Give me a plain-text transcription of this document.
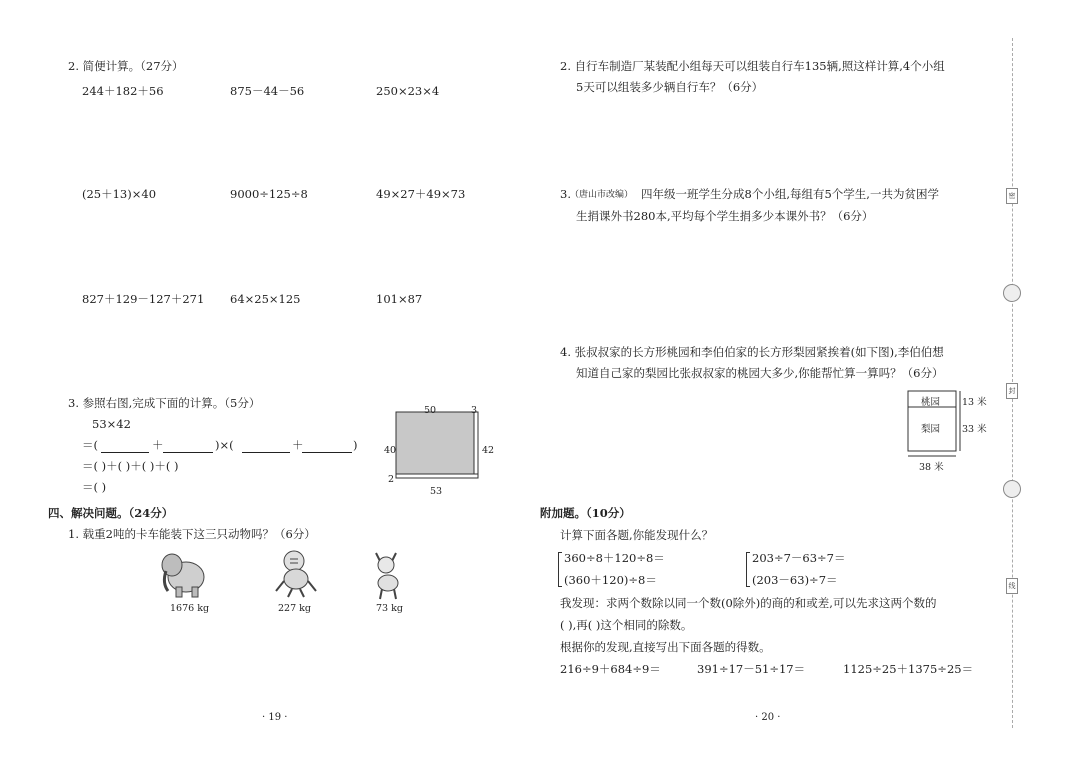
2. 简便计算。（27分）
244＋182＋56	875－44－56	250×23×4
(25＋13)×40	9000÷125÷8	49×27＋49×73
827＋129－127＋271 64×25×125	101×87
3. 参照右图,完成下面的计算。（5分）
53×42
＝(	＋	)×(	＋	)
＝( )＋( )＋( )＋( )
＝( )
50	3
40	42
2
53
四、解决问题。（24分）
1. 载重2吨的卡车能装下这三只动物吗？（6分）
1676 kg	227 kg	73 kg
· 19 ·
2. 自行车制造厂某装配小组每天可以组装自行车135辆,照这样计算,4个小组
5天可以组装多少辆自行车？（6分）
3. （唐山市改编） 四年级一班学生分成8个小组,每组有5个学生,一共为贫困学
生捐课外书280本,平均每个学生捐多少本课外书？（6分）
4. 张叔叔家的长方形桃园和李伯伯家的长方形梨园紧挨着(如下图),李伯伯想
知道自己家的梨园比张叔叔家的桃园大多少,你能帮忙算一算吗？（6分）
桃园
梨园
13 米
33 米
38 米
附加题。（10分）
计算下面各题,你能发现什么？
360÷8＋120÷8＝
(360＋120)÷8＝
203÷7－63÷7＝
(203－63)÷7＝
我发现：求两个数除以同一个数(0除外)的商的和或差,可以先求这两个数的
( ),再( )这个相同的除数。
根据你的发现,直接写出下面各题的得数。
216÷9＋684÷9＝	391÷17－51÷17＝	1125÷25＋1375÷25＝
· 20 ·
密
封
线
